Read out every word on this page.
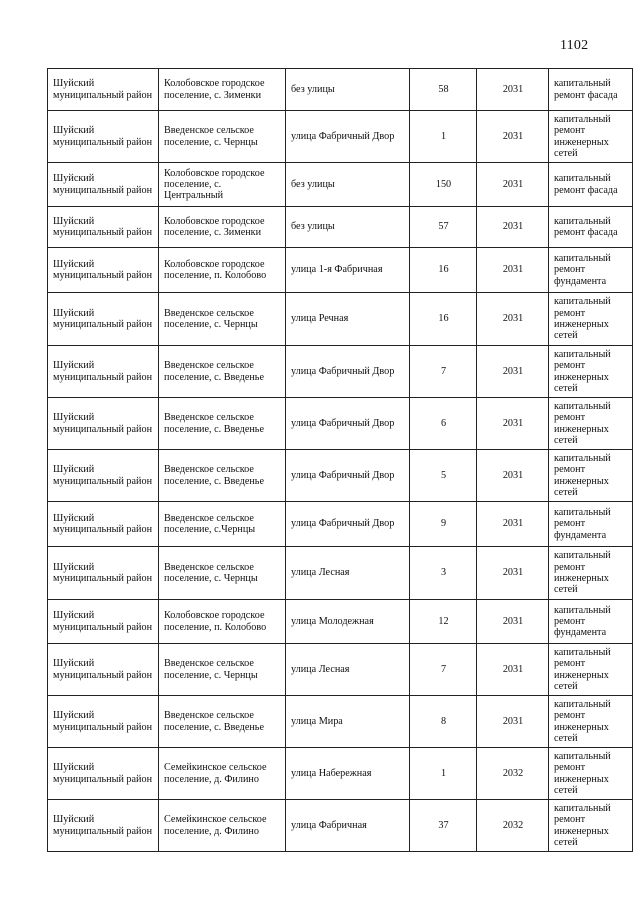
1102
Шуйский муниципальный район	Колобовское городское поселение, с. Зименки	без улицы	58	2031	капитальный ремонт фасада
Шуйский муниципальный район	Введенское сельское поселение, с. Чернцы	улица Фабричный Двор	1	2031	капитальный ремонт инженерных сетей
Шуйский муниципальный район	Колобовское городское поселение, с. Центральный	без улицы	150	2031	капитальный ремонт фасада
Шуйский муниципальный район	Колобовское городское поселение, с. Зименки	без улицы	57	2031	капитальный ремонт фасада
Шуйский муниципальный район	Колобовское городское поселение, п. Колобово	улица 1-я Фабричная	16	2031	капитальный ремонт фундамента
Шуйский муниципальный район	Введенское сельское поселение, с. Чернцы	улица Речная	16	2031	капитальный ремонт инженерных сетей
Шуйский муниципальный район	Введенское сельское поселение, с. Введенье	улица Фабричный Двор	7	2031	капитальный ремонт инженерных сетей
Шуйский муниципальный район	Введенское сельское поселение, с. Введенье	улица Фабричный Двор	6	2031	капитальный ремонт инженерных сетей
Шуйский муниципальный район	Введенское сельское поселение, с. Введенье	улица Фабричный Двор	5	2031	капитальный ремонт инженерных сетей
Шуйский муниципальный район	Введенское сельское поселение, с.Чернцы	улица Фабричный Двор	9	2031	капитальный ремонт фундамента
Шуйский муниципальный район	Введенское сельское поселение, с. Чернцы	улица Лесная	3	2031	капитальный ремонт инженерных сетей
Шуйский муниципальный район	Колобовское городское поселение, п. Колобово	улица Молодежная	12	2031	капитальный ремонт фундамента
Шуйский муниципальный район	Введенское сельское поселение, с. Чернцы	улица Лесная	7	2031	капитальный ремонт инженерных сетей
Шуйский муниципальный район	Введенское сельское поселение, с. Введенье	улица Мира	8	2031	капитальный ремонт инженерных сетей
Шуйский муниципальный район	Семейкинское сельское поселение, д. Филино	улица Набережная	1	2032	капитальный ремонт инженерных сетей
Шуйский муниципальный район	Семейкинское сельское поселение, д. Филино	улица Фабричная	37	2032	капитальный ремонт инженерных сетей
